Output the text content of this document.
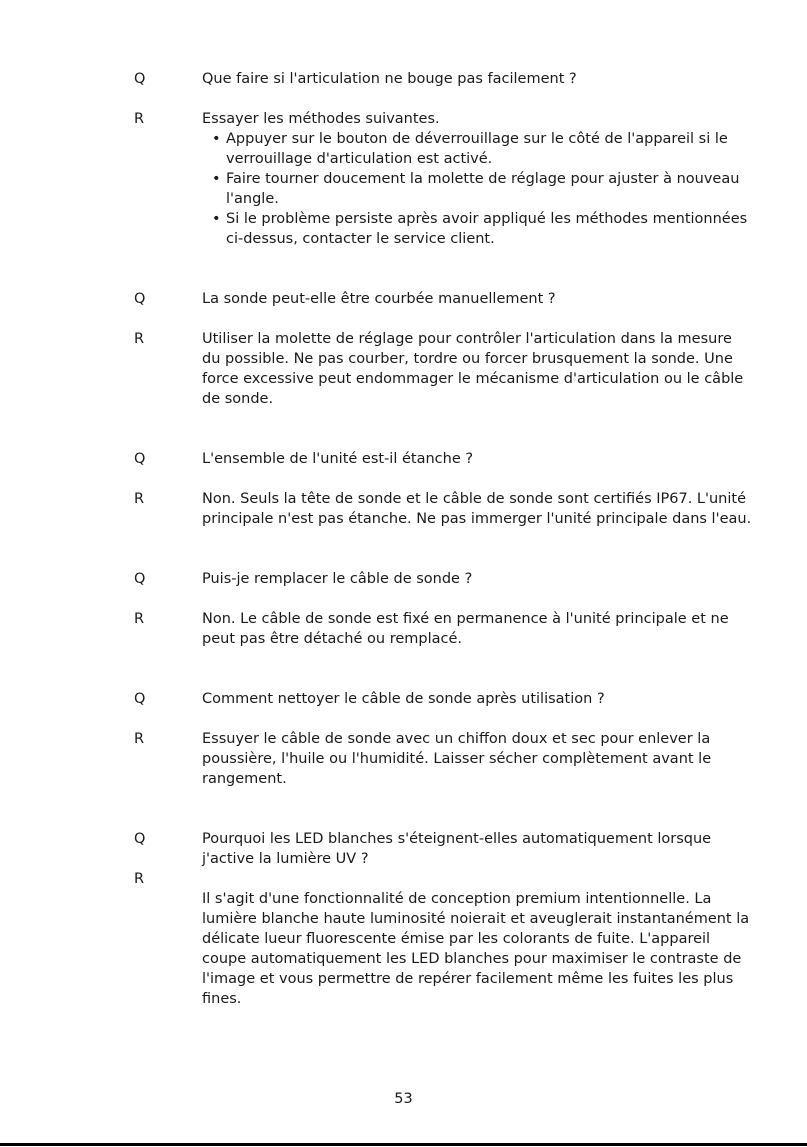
Q	Que faire si l'articulation ne bouge pas facilement ?
R	Essayer les méthodes suivantes.
• Appuyer sur le bouton de déverrouillage sur le côté de l'appareil si le
verrouillage d'articulation est activé.
• Faire tourner doucement la molette de réglage pour ajuster à nouveau
l'angle.
• Si le problème persiste après avoir appliqué les méthodes mentionnées
ci-dessus, contacter le service client.
Q	La sonde peut-elle être courbée manuellement ?
R	Utiliser la molette de réglage pour contrôler l'articulation dans la mesure
du possible. Ne pas courber, tordre ou forcer brusquement la sonde. Une
force excessive peut endommager le mécanisme d'articulation ou le câble
de sonde.
Q	L'ensemble de l'unité est-il étanche ?
R	Non. Seuls la tête de sonde et le câble de sonde sont certifiés IP67. L'unité
principale n'est pas étanche. Ne pas immerger l'unité principale dans l'eau.
Q	Puis-je remplacer le câble de sonde ?
R	Non. Le câble de sonde est fixé en permanence à l'unité principale et ne
peut pas être détaché ou remplacé.
Q	Comment nettoyer le câble de sonde après utilisation ?
R	Essuyer le câble de sonde avec un chiffon doux et sec pour enlever la
poussière, l'huile ou l'humidité. Laisser sécher complètement avant le
rangement.
Q	Pourquoi les LED blanches s'éteignent-elles automatiquement lorsque
j'active la lumière UV ?
R
Il s'agit d'une fonctionnalité de conception premium intentionnelle. La
lumière blanche haute luminosité noierait et aveuglerait instantanément la
délicate lueur fluorescente émise par les colorants de fuite. L'appareil
coupe automatiquement les LED blanches pour maximiser le contraste de
l'image et vous permettre de repérer facilement même les fuites les plus
fines.
53
